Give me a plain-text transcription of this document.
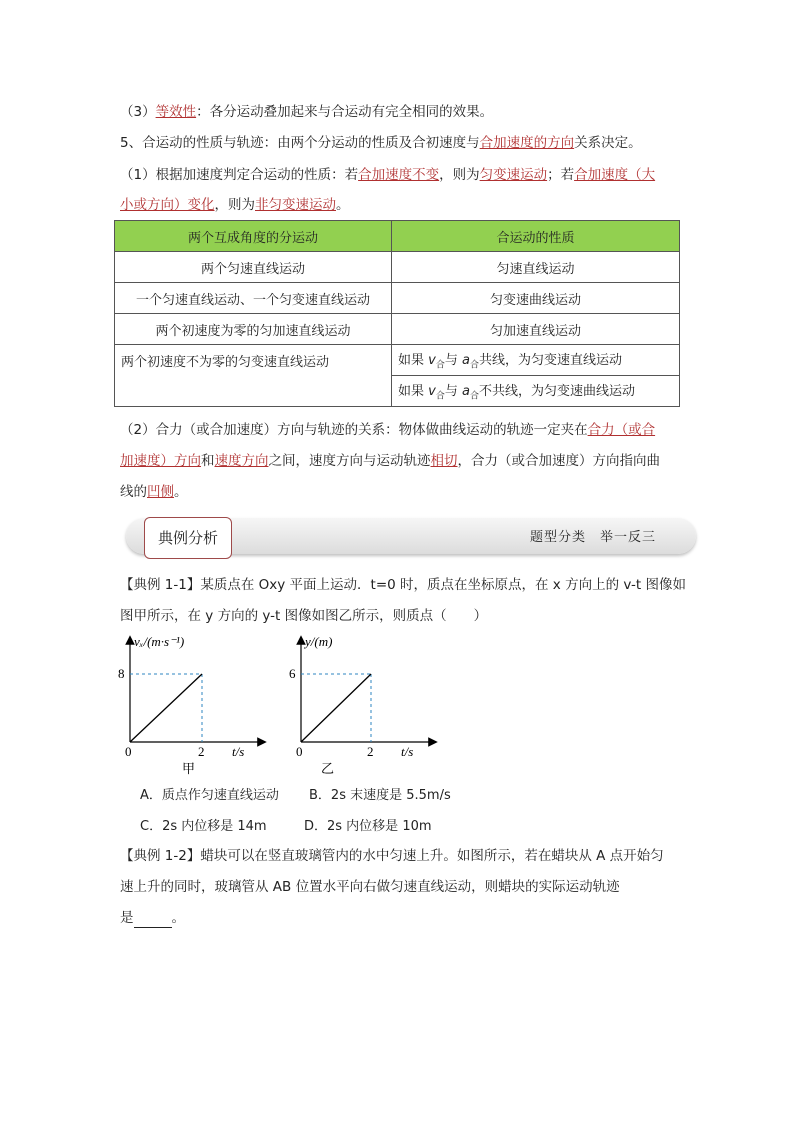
（3）等效性：各分运动叠加起来与合运动有完全相同的效果。
5、合运动的性质与轨迹：由两个分运动的性质及合初速度与合加速度的方向关系决定。
（1）根据加速度判定合运动的性质：若合加速度不变，则为匀变速运动；若合加速度（大
小或方向）变化，则为非匀变速运动。
两个互成角度的分运动	合运动的性质
两个匀速直线运动	匀速直线运动
一个匀速直线运动、一个匀变速直线运动	匀变速曲线运动
两个初速度为零的匀加速直线运动	匀加速直线运动
两个初速度不为零的匀变速直线运动	如果 $v_合$与 $a_合$共线，为匀变速直线运动
	如果 $v_合$与 $a_合$不共线，为匀变速曲线运动
（2）合力（或合加速度）方向与轨迹的关系：物体做曲线运动的轨迹一定夹在合力（或合
加速度）方向和速度方向之间，速度方向与运动轨迹相切，合力（或合加速度）方向指向曲
线的凹侧。
典例分析	题型分类　举一反三
【典例 1-1】某质点在 Oxy 平面上运动．t=0 时，质点在坐标原点，在 x 方向上的 v-t 图像如
图甲所示，在 y 方向的 y-t 图像如图乙所示，则质点（　　）
vₓ/(m·s⁻¹)
8
0	2 t/s
甲
y/(m)
6
0	2 t/s
乙
A．质点作匀速直线运动 B．2s 末速度是 5.5m/s
C．2s 内位移是 14m	D．2s 内位移是 10m
【典例 1-2】蜡块可以在竖直玻璃管内的水中匀速上升。如图所示，若在蜡块从 A 点开始匀
速上升的同时，玻璃管从 AB 位置水平向右做匀速直线运动，则蜡块的实际运动轨迹
是	。
